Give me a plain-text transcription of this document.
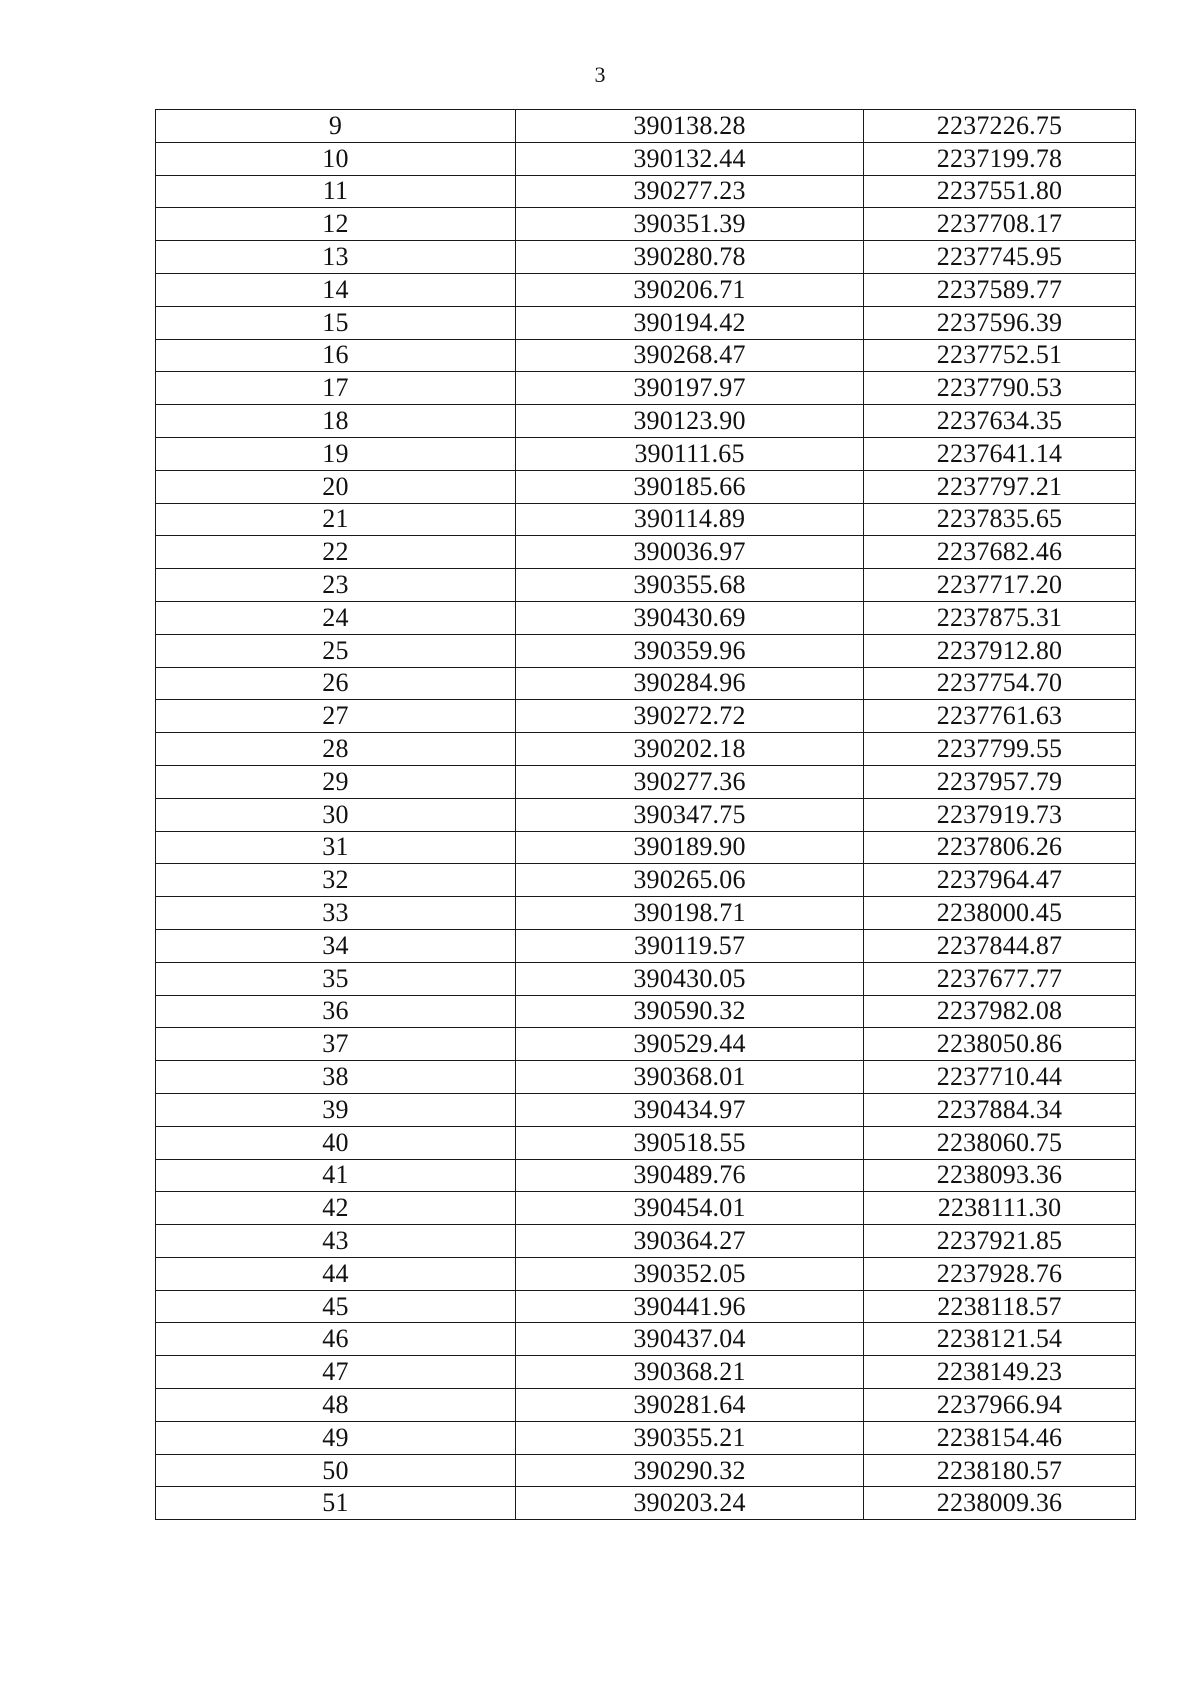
3
9	390138.28	2237226.75
10	390132.44	2237199.78
11	390277.23	2237551.80
12	390351.39	2237708.17
13	390280.78	2237745.95
14	390206.71	2237589.77
15	390194.42	2237596.39
16	390268.47	2237752.51
17	390197.97	2237790.53
18	390123.90	2237634.35
19	390111.65	2237641.14
20	390185.66	2237797.21
21	390114.89	2237835.65
22	390036.97	2237682.46
23	390355.68	2237717.20
24	390430.69	2237875.31
25	390359.96	2237912.80
26	390284.96	2237754.70
27	390272.72	2237761.63
28	390202.18	2237799.55
29	390277.36	2237957.79
30	390347.75	2237919.73
31	390189.90	2237806.26
32	390265.06	2237964.47
33	390198.71	2238000.45
34	390119.57	2237844.87
35	390430.05	2237677.77
36	390590.32	2237982.08
37	390529.44	2238050.86
38	390368.01	2237710.44
39	390434.97	2237884.34
40	390518.55	2238060.75
41	390489.76	2238093.36
42	390454.01	2238111.30
43	390364.27	2237921.85
44	390352.05	2237928.76
45	390441.96	2238118.57
46	390437.04	2238121.54
47	390368.21	2238149.23
48	390281.64	2237966.94
49	390355.21	2238154.46
50	390290.32	2238180.57
51	390203.24	2238009.36
